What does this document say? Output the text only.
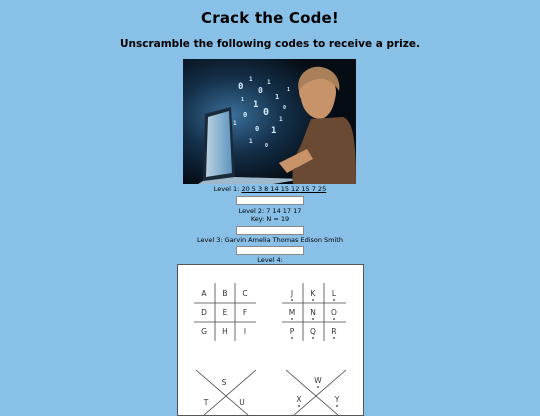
Crack the Code!
Unscramble the following codes to receive a prize.
0
1
0
1
1
1
0 0
1
1
0
0
1
1
1
1
0
Level 1: 20 5 3 8 14 15 12 15 7 25
Level 2: 7 14 17 17
Key: N = 19
Level 3: Garvin Amelia Thomas Edison Smith
Level 4:
A B C
D E F
G H I
J K L
M N O
P Q R
S
T	U
W
X	Y
